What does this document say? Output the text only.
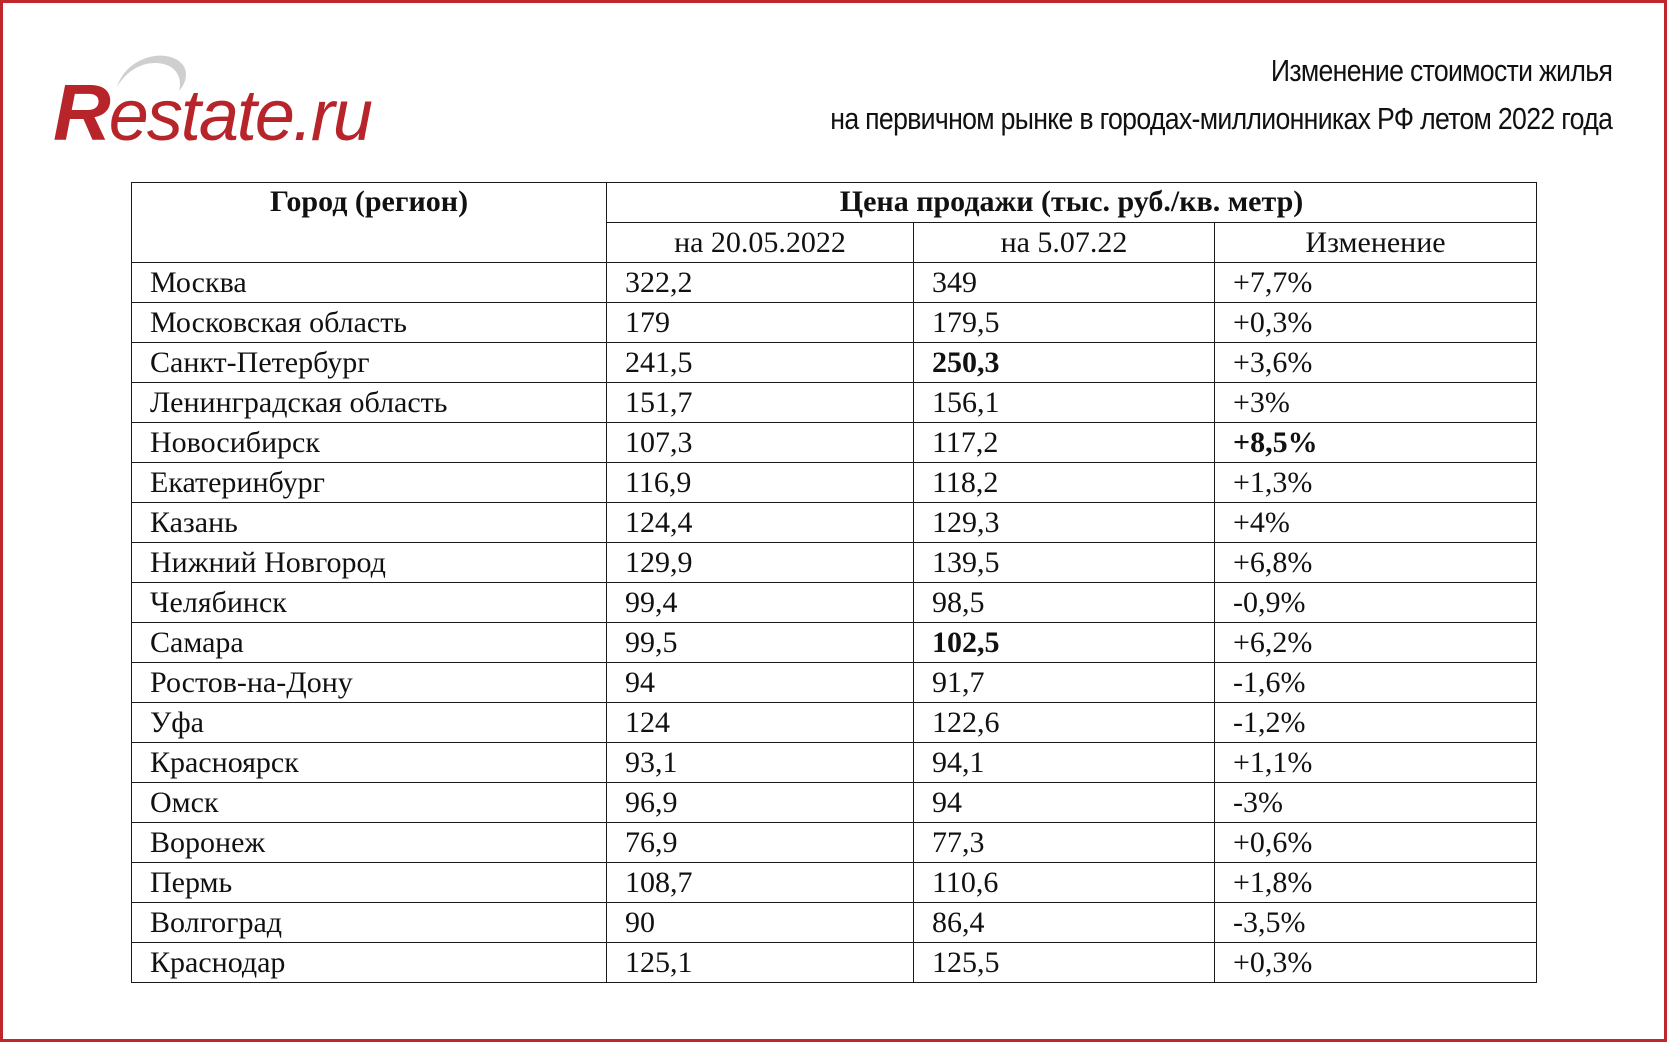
Restate.ru
Изменение стоимости жилья
на первичном рынке в городах-миллионниках РФ летом 2022 года
Город (регион)	Цена продажи (тыс. руб./кв. метр)		
	на 20.05.2022	на 5.07.22	Изменение
Москва	322,2	349	+7,7%
Московская область	179	179,5	+0,3%
Санкт-Петербург	241,5	250,3	+3,6%
Ленинградская область	151,7	156,1	+3%
Новосибирск	107,3	117,2	+8,5%
Екатеринбург	116,9	118,2	+1,3%
Казань	124,4	129,3	+4%
Нижний Новгород	129,9	139,5	+6,8%
Челябинск	99,4	98,5	-0,9%
Самара	99,5	102,5	+6,2%
Ростов-на-Дону	94	91,7	-1,6%
Уфа	124	122,6	-1,2%
Красноярск	93,1	94,1	+1,1%
Омск	96,9	94	-3%
Воронеж	76,9	77,3	+0,6%
Пермь	108,7	110,6	+1,8%
Волгоград	90	86,4	-3,5%
Краснодар	125,1	125,5	+0,3%
